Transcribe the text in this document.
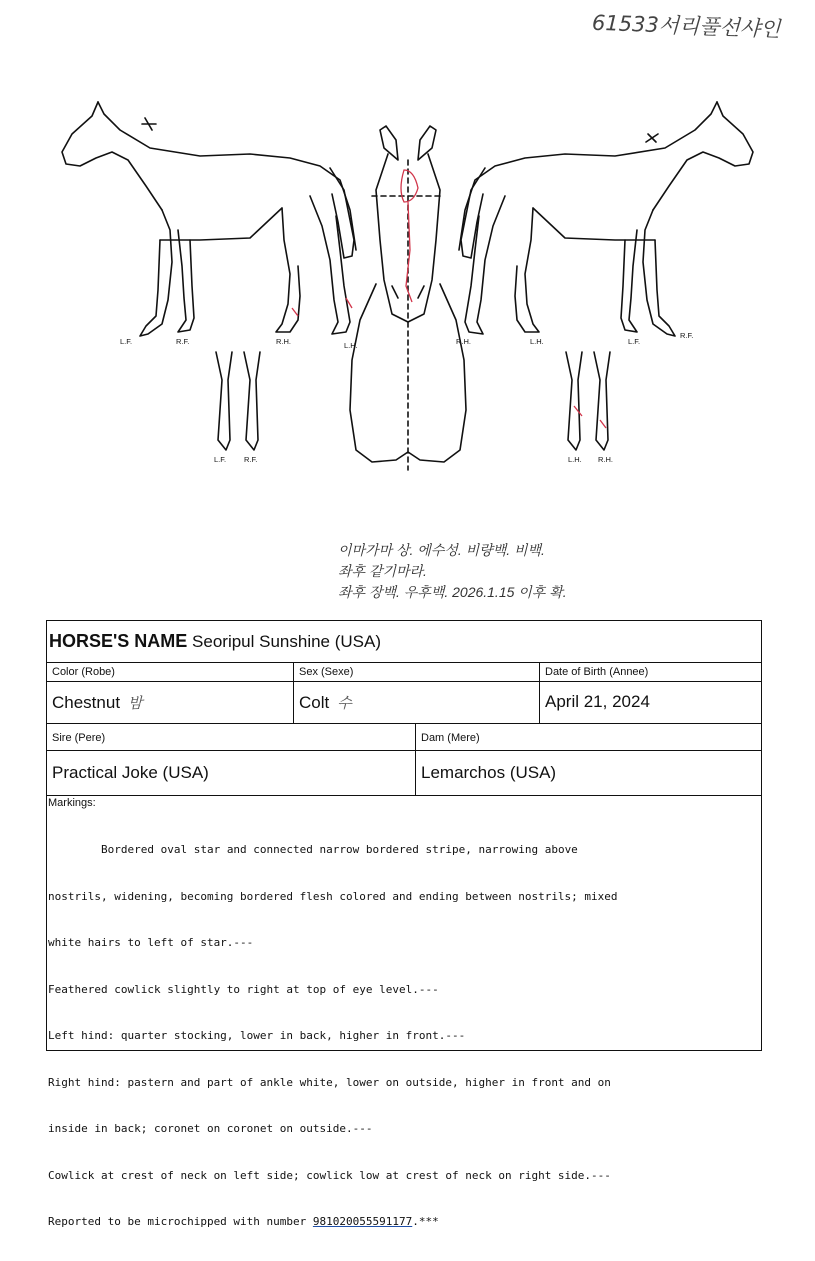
61533서리풀선샤인
L.F.	R.F.	R.H.	L.H.	R.H.	L.H.	L.F.
R.F.
L.F. R.F.	L.H. R.H.
이마가마 상. 에수성. 비량백. 비백.
좌후 같기마라.
좌후 장백. 우후백. 2026.1.15 이후 확.
HORSE'S NAME Seoripul Sunshine (USA)
Color (Robe)	Sex (Sexe)	Date of Birth (Annee)
Chestnut 밤	Colt 수	April 21, 2024
Sire (Pere)	Dam (Mere)
Practical Joke (USA)	Lemarchos (USA)
Markings:

Bordered oval star and connected narrow bordered stripe, narrowing above

nostrils, widening, becoming bordered flesh colored and ending between nostrils; mixed

white hairs to left of star.---

Feathered cowlick slightly to right at top of eye level.---

Left hind: quarter stocking, lower in back, higher in front.---

Right hind: pastern and part of ankle white, lower on outside, higher in front and on

inside in back; coronet on coronet on outside.---

Cowlick at crest of neck on left side; cowlick low at crest of neck on right side.---

Reported to be microchipped with number 981020055591177.***
